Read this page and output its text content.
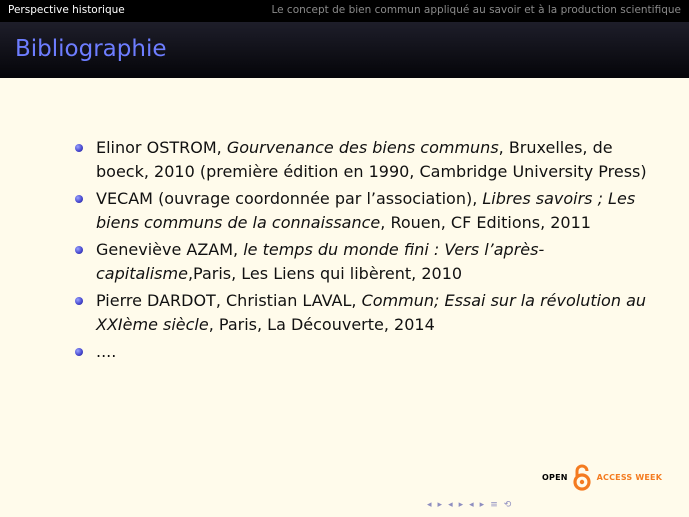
Perspective historique	Le concept de bien commun appliqué au savoir et à la production scientifique
Bibliographie
Elinor OSTROM, Gourvenance des biens communs, Bruxelles, de boeck, 2010 (première édition en 1990, Cambridge University Press)
VECAM (ouvrage coordonnée par l’association), Libres savoirs ; Les biens communs de la connaissance, Rouen, CF Editions, 2011
Geneviève AZAM, le temps du monde fini : Vers l’après-capitalisme,Paris, Les Liens qui libèrent, 2010
Pierre DARDOT, Christian LAVAL, Commun; Essai sur la révolution au XXIème siècle, Paris, La Découverte, 2014
....
OPEN	ACCESS WEEK
◂ ▸ ◂ ▸ ◂ ▸ ≡ ⟲
